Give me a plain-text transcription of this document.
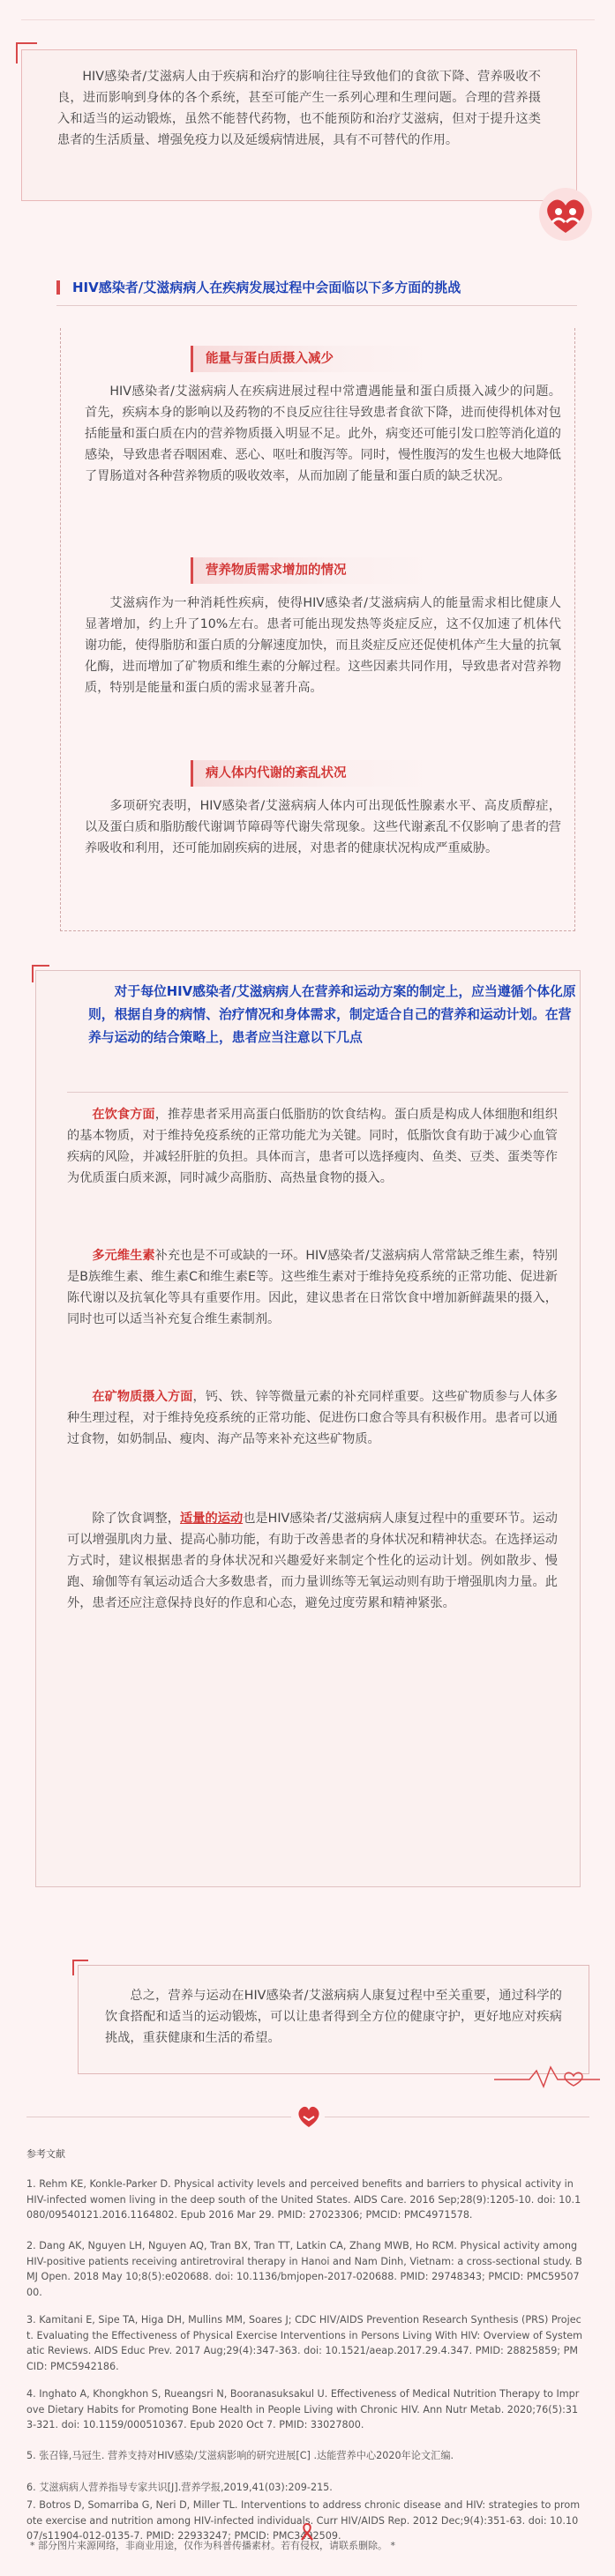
HIV感染者/艾滋病人由于疾病和治疗的影响往往导致他们的食欲下降、营养吸收不良，进而影响到身体的各个系统，甚至可能产生一系列心理和生理问题。合理的营养摄入和适当的运动锻炼，虽然不能替代药物，也不能预防和治疗艾滋病，但对于提升这类患者的生活质量、增强免疫力以及延缓病情进展，具有不可替代的作用。
HIV感染者/艾滋病病人在疾病发展过程中会面临以下多方面的挑战
能量与蛋白质摄入减少
HIV感染者/艾滋病病人在疾病进展过程中常遭遇能量和蛋白质摄入减少的问题。首先，疾病本身的影响以及药物的不良反应往往导致患者食欲下降，进而使得机体对包括能量和蛋白质在内的营养物质摄入明显不足。此外，病变还可能引发口腔等消化道的感染，导致患者吞咽困难、恶心、呕吐和腹泻等。同时，慢性腹泻的发生也极大地降低了胃肠道对各种营养物质的吸收效率，从而加剧了能量和蛋白质的缺乏状况。
营养物质需求增加的情况
艾滋病作为一种消耗性疾病，使得HIV感染者/艾滋病病人的能量需求相比健康人显著增加，约上升了10%左右。患者可能出现发热等炎症反应，这不仅加速了机体代谢功能，使得脂肪和蛋白质的分解速度加快，而且炎症反应还促使机体产生大量的抗氧化酶，进而增加了矿物质和维生素的分解过程。这些因素共同作用，导致患者对营养物质，特别是能量和蛋白质的需求显著升高。
病人体内代谢的紊乱状况
多项研究表明，HIV感染者/艾滋病病人体内可出现低性腺素水平、高皮质醇症，以及蛋白质和脂肪酸代谢调节障碍等代谢失常现象。这些代谢紊乱不仅影响了患者的营养吸收和利用，还可能加剧疾病的进展，对患者的健康状况构成严重威胁。
对于每位HIV感染者/艾滋病病人在营养和运动方案的制定上，应当遵循个体化原则，根据自身的病情、治疗情况和身体需求，制定适合自己的营养和运动计划。在营养与运动的结合策略上，患者应当注意以下几点
在饮食方面，推荐患者采用高蛋白低脂肪的饮食结构。蛋白质是构成人体细胞和组织的基本物质，对于维持免疫系统的正常功能尤为关键。同时，低脂饮食有助于减少心血管疾病的风险，并减轻肝脏的负担。具体而言，患者可以选择瘦肉、鱼类、豆类、蛋类等作为优质蛋白质来源，同时减少高脂肪、高热量食物的摄入。
多元维生素补充也是不可或缺的一环。HIV感染者/艾滋病病人常常缺乏维生素，特别是B族维生素、维生素C和维生素E等。这些维生素对于维持免疫系统的正常功能、促进新陈代谢以及抗氧化等具有重要作用。因此，建议患者在日常饮食中增加新鲜蔬果的摄入，同时也可以适当补充复合维生素制剂。
在矿物质摄入方面，钙、铁、锌等微量元素的补充同样重要。这些矿物质参与人体多种生理过程，对于维持免疫系统的正常功能、促进伤口愈合等具有积极作用。患者可以通过食物，如奶制品、瘦肉、海产品等来补充这些矿物质。
除了饮食调整，适量的运动也是HIV感染者/艾滋病病人康复过程中的重要环节。运动可以增强肌肉力量、提高心肺功能，有助于改善患者的身体状况和精神状态。在选择运动方式时，建议根据患者的身体状况和兴趣爱好来制定个性化的运动计划。例如散步、慢跑、瑜伽等有氧运动适合大多数患者，而力量训练等无氧运动则有助于增强肌肉力量。此外，患者还应注意保持良好的作息和心态，避免过度劳累和精神紧张。
总之，营养与运动在HIV感染者/艾滋病病人康复过程中至关重要，通过科学的饮食搭配和适当的运动锻炼，可以让患者得到全方位的健康守护，更好地应对疾病挑战，重获健康和生活的希望。
参考文献
1. Rehm KE, Konkle-Parker D. Physical activity levels and perceived benefits and barriers to physical activity in HIV-infected women living in the deep south of the United States. AIDS Care. 2016 Sep;28(9):1205-10. doi: 10.1080/09540121.2016.1164802. Epub 2016 Mar 29. PMID: 27023306; PMCID: PMC4971578.
2. Dang AK, Nguyen LH, Nguyen AQ, Tran BX, Tran TT, Latkin CA, Zhang MWB, Ho RCM. Physical activity among HIV-positive patients receiving antiretroviral therapy in Hanoi and Nam Dinh, Vietnam: a cross-sectional study. BMJ Open. 2018 May 10;8(5):e020688. doi: 10.1136/bmjopen-2017-020688. PMID: 29748343; PMCID: PMC5950700.
3. Kamitani E, Sipe TA, Higa DH, Mullins MM, Soares J; CDC HIV/AIDS Prevention Research Synthesis (PRS) Project. Evaluating the Effectiveness of Physical Exercise Interventions in Persons Living With HIV: Overview of Systematic Reviews. AIDS Educ Prev. 2017 Aug;29(4):347-363. doi: 10.1521/aeap.2017.29.4.347. PMID: 28825859; PMCID: PMC5942186.
4. Inghato A, Khongkhon S, Rueangsri N, Booranasuksakul U. Effectiveness of Medical Nutrition Therapy to Improve Dietary Habits for Promoting Bone Health in People Living with Chronic HIV. Ann Nutr Metab. 2020;76(5):313-321. doi: 10.1159/000510367. Epub 2020 Oct 7. PMID: 33027800.
5. 张召锋,马冠生. 营养支持对HIV感染/艾滋病影响的研究进展[C] .达能营养中心2020年论文汇编.
6. 艾滋病病人营养指导专家共识[J].营养学报,2019,41(03):209-215.
7. Botros D, Somarriba G, Neri D, Miller TL. Interventions to address chronic disease and HIV: strategies to promote exercise and nutrition among HIV-infected individuals. Curr HIV/AIDS Rep. 2012 Dec;9(4):351-63. doi: 10.1007/s11904-012-0135-7. PMID: 22933247; PMCID: PMC3492509.
* 部分图片来源网络，非商业用途，仅作为科普传播素材。若有侵权，请联系删除。 *
